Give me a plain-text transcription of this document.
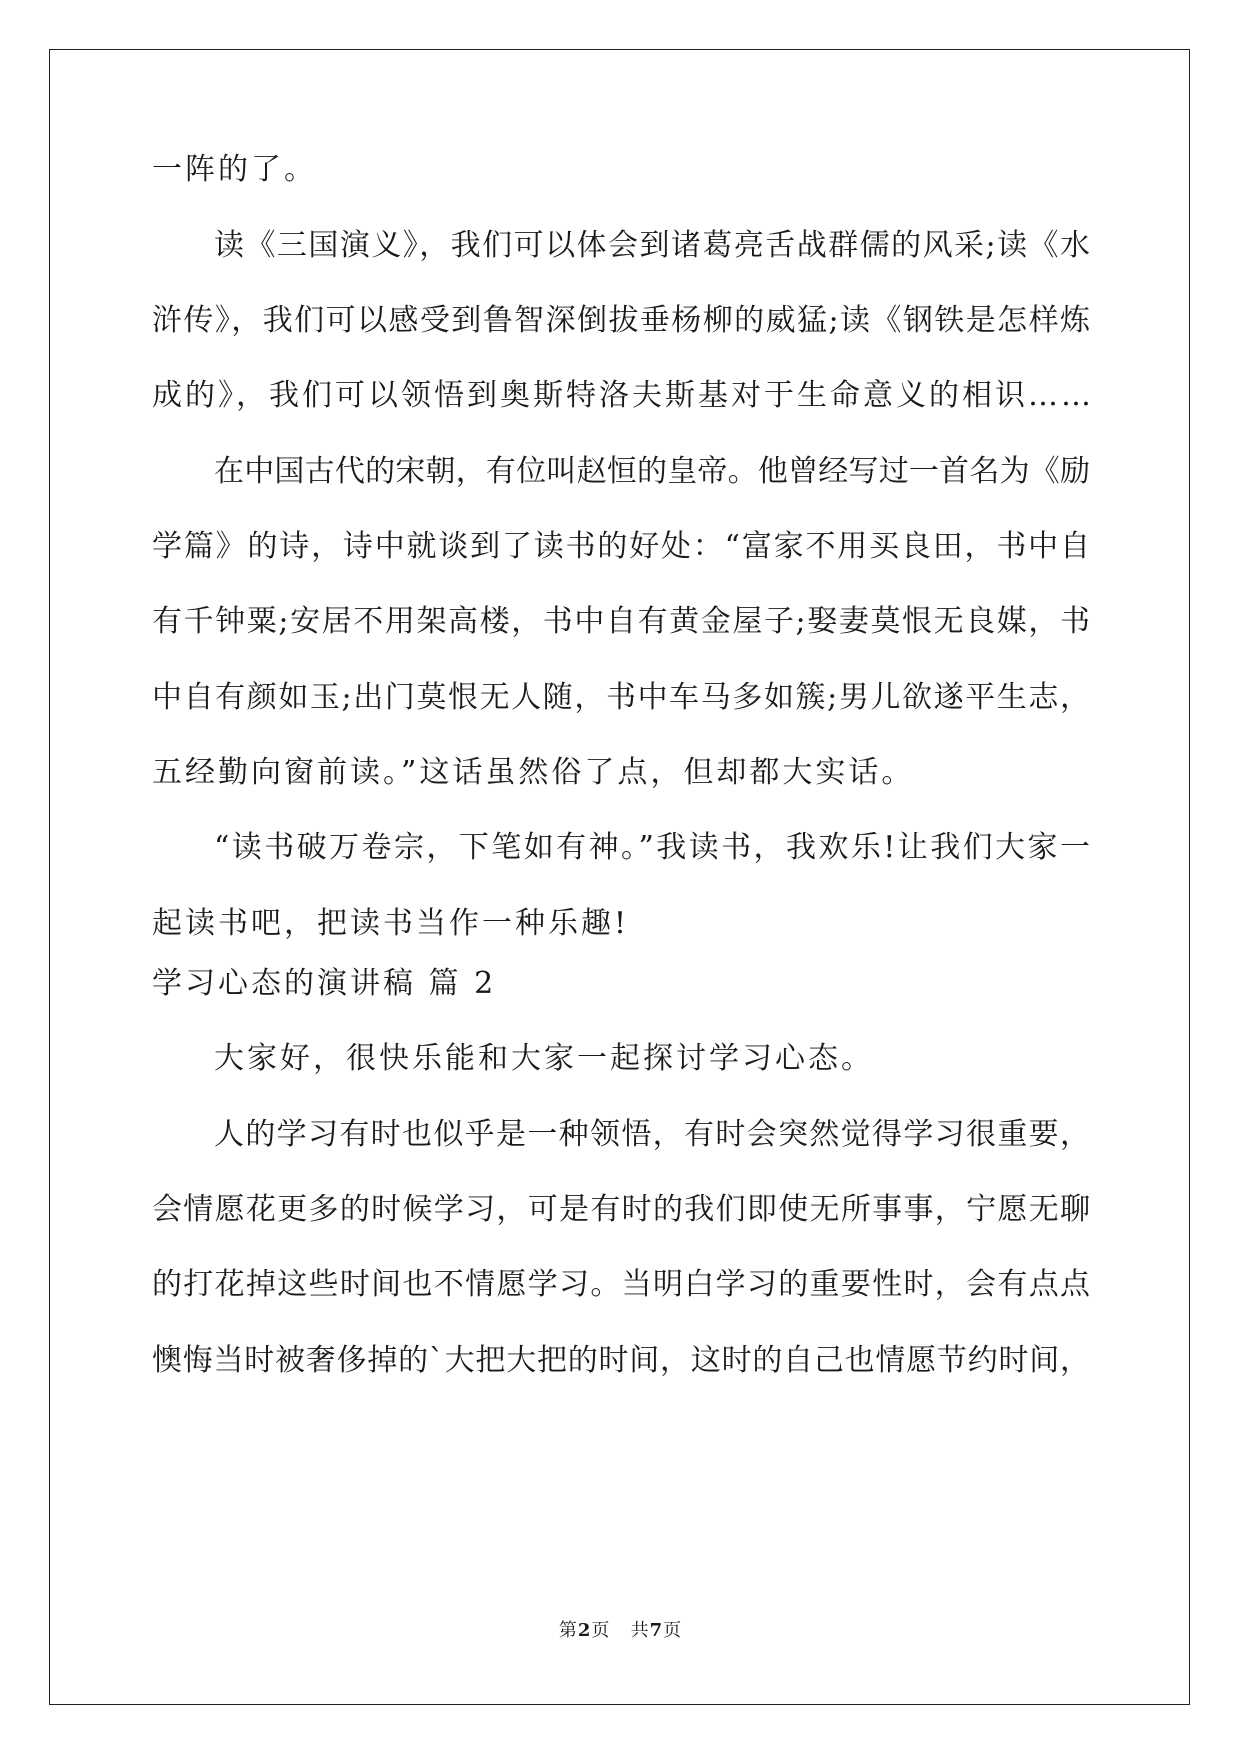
一阵的了。
读《三国演义》，我们可以体会到诸葛亮舌战群儒的风采;读《水
浒传》，我们可以感受到鲁智深倒拔垂杨柳的威猛;读《钢铁是怎样炼
成的》，我们可以领悟到奥斯特洛夫斯基对于生命意义的相识……
在中国古代的宋朝，有位叫赵恒的皇帝。他曾经写过一首名为《励
学篇》的诗，诗中就谈到了读书的好处：“富家不用买良田，书中自
有千钟粟;安居不用架高楼，书中自有黄金屋子;娶妻莫恨无良媒，书
中自有颜如玉;出门莫恨无人随，书中车马多如簇;男儿欲遂平生志，
五经勤向窗前读。”这话虽然俗了点，但却都大实话。
“读书破万卷宗，下笔如有神。”我读书，我欢乐!让我们大家一
起读书吧，把读书当作一种乐趣!
学习心态的演讲稿 篇 2
大家好，很快乐能和大家一起探讨学习心态。
人的学习有时也似乎是一种领悟，有时会突然觉得学习很重要，
会情愿花更多的时候学习，可是有时的我们即使无所事事，宁愿无聊
的打花掉这些时间也不情愿学习。当明白学习的重要性时，会有点点
懊悔当时被奢侈掉的`大把大把的时间，这时的自己也情愿节约时间，
第2页   共7页
